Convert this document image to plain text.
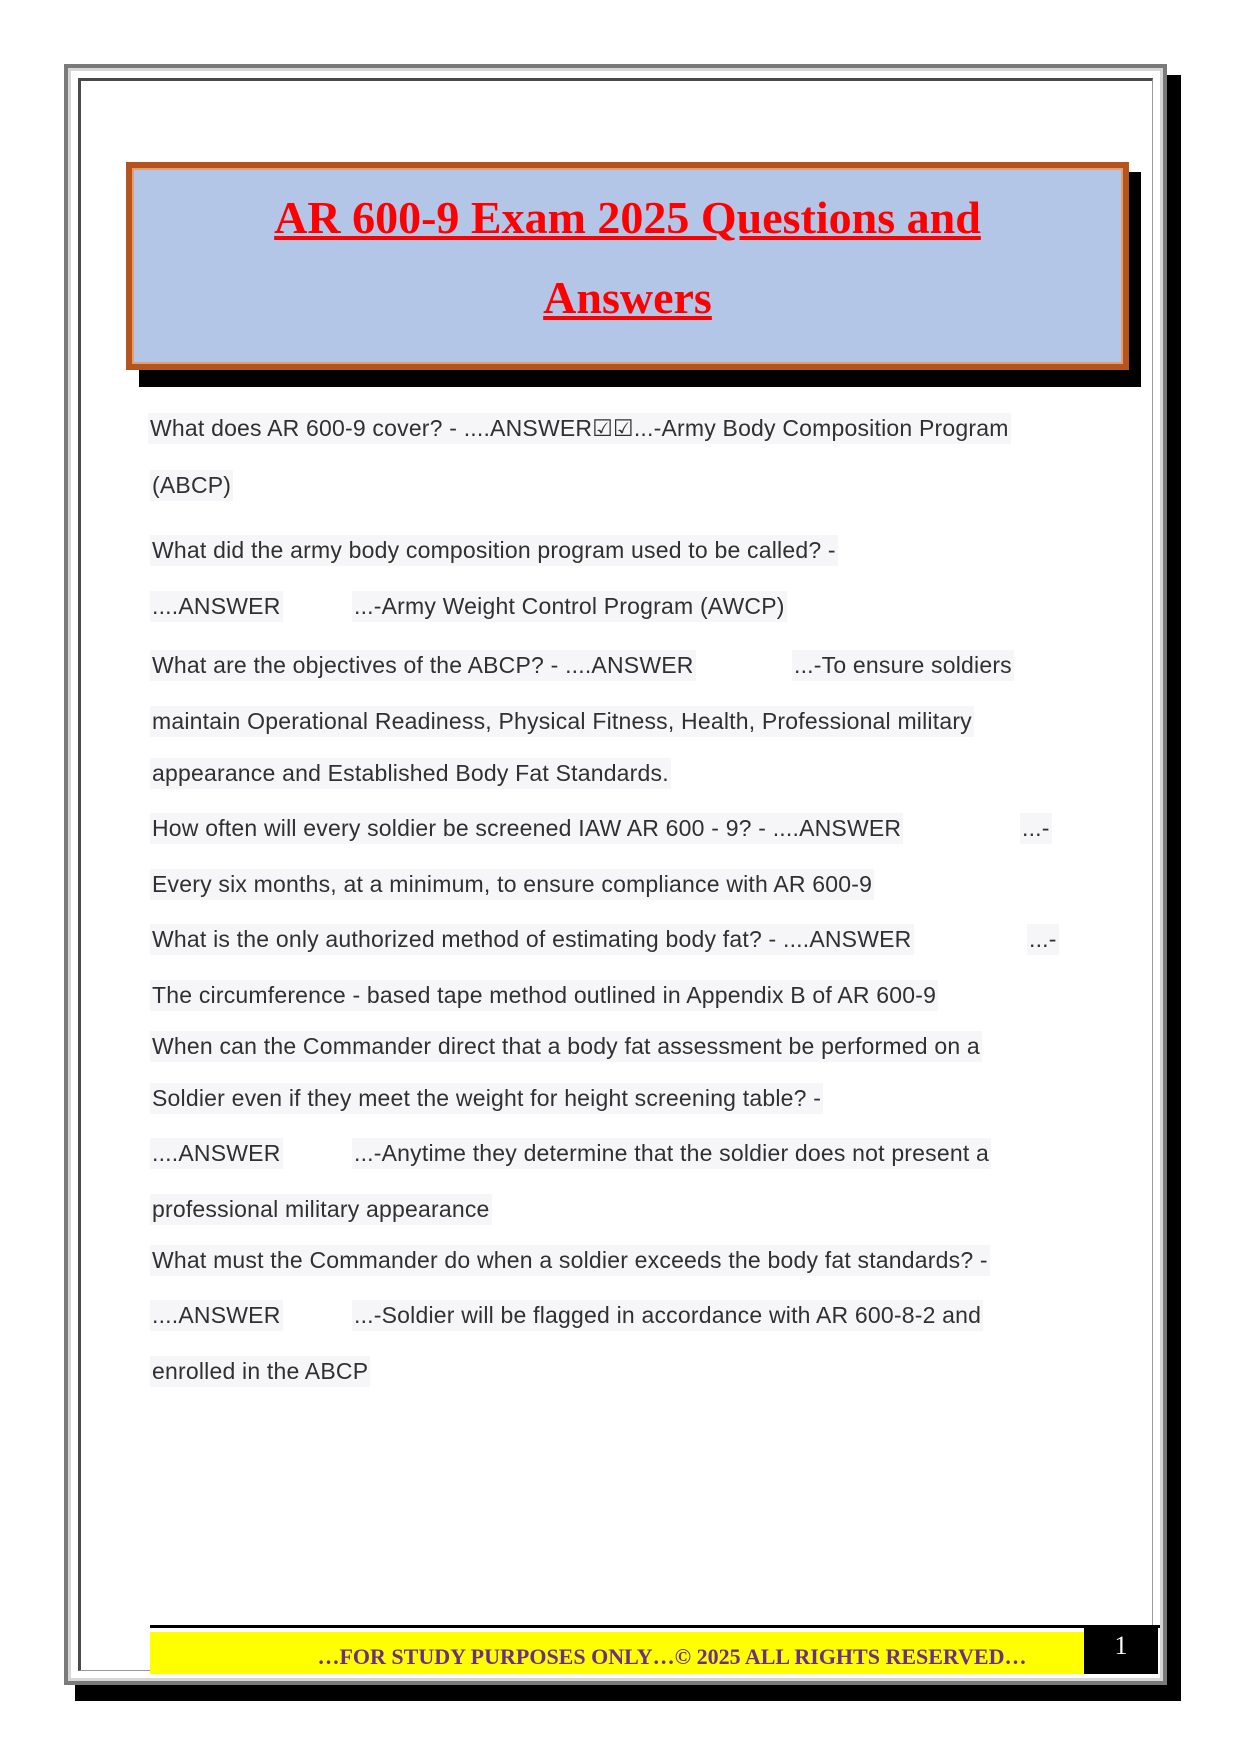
AR 600-9 Exam 2025 Questions and
Answers
What does AR 600-9 cover? - ....ANSWER☑☑...-Army Body Composition Program
(ABCP)
What did the army body composition program used to be called? -
....ANSWER	...-Army Weight Control Program (AWCP)
What are the objectives of the ABCP? - ....ANSWER	...-To ensure soldiers
maintain Operational Readiness, Physical Fitness, Health, Professional military
appearance and Established Body Fat Standards.
How often will every soldier be screened IAW AR 600 - 9? - ....ANSWER	...-
Every six months, at a minimum, to ensure compliance with AR 600-9
What is the only authorized method of estimating body fat? - ....ANSWER	...-
The circumference - based tape method outlined in Appendix B of AR 600-9
When can the Commander direct that a body fat assessment be performed on a
Soldier even if they meet the weight for height screening table? -
....ANSWER	...-Anytime they determine that the soldier does not present a
professional military appearance
What must the Commander do when a soldier exceeds the body fat standards? -
....ANSWER	...-Soldier will be flagged in accordance with AR 600-8-2 and
enrolled in the ABCP
…FOR STUDY PURPOSES ONLY…© 2025 ALL RIGHTS RESERVED…	1
